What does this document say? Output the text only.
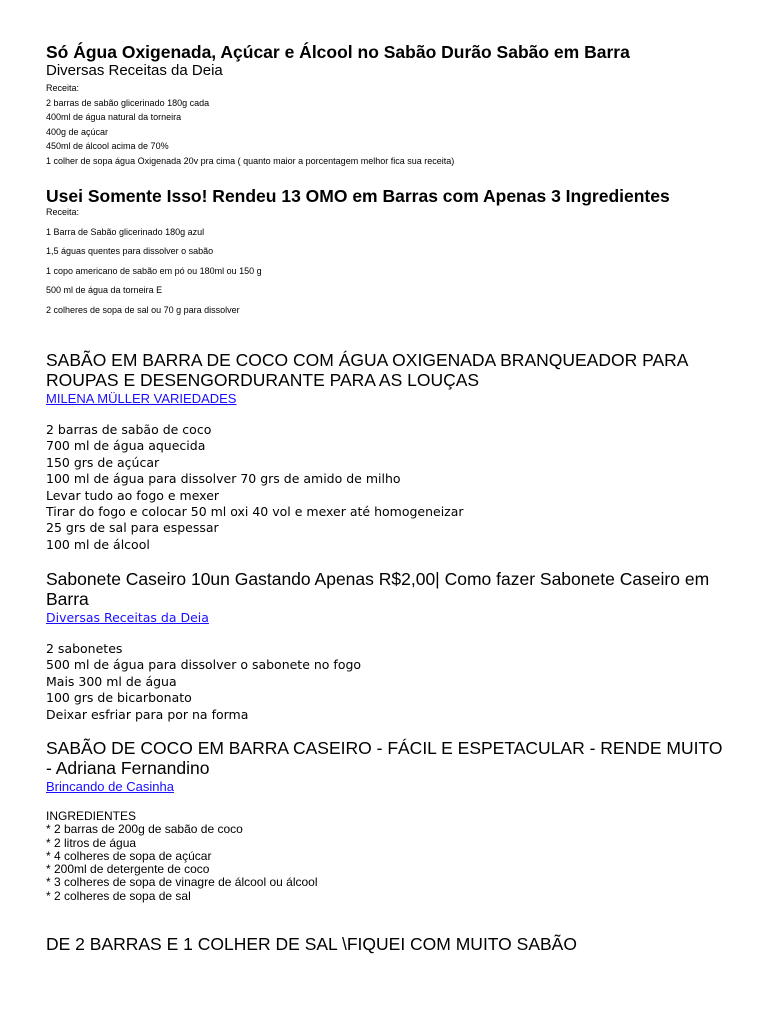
Só Água Oxigenada, Açúcar e Álcool no Sabão Durão Sabão em Barra

Diversas Receitas da Deia

Receita:

2 barras de sabão glicerinado 180g cada

400ml de água natural da torneira

400g de açúcar

450ml de álcool acima de 70%

1 colher de sopa água Oxigenada 20v pra cima ( quanto maior a porcentagem melhor fica sua receita)

Usei Somente Isso! Rendeu 13 OMO em Barras com Apenas 3 Ingredientes

Receita:

1 Barra de Sabão glicerinado 180g azul

1,5 águas quentes para dissolver o sabão

1 copo americano de sabão em pó ou 180ml ou 150 g

500 ml de água da torneira E

2 colheres de sopa de sal ou 70 g para dissolver

SABÃO EM BARRA DE COCO COM ÁGUA OXIGENADA BRANQUEADOR PARA ROUPAS E DESENGORDURANTE PARA AS LOUÇAS

MILENA MÜLLER VARIEDADES

2 barras de sabão de coco

700 ml de água aquecida

150 grs de açúcar

100 ml de água para dissolver 70 grs de amido de milho

Levar tudo ao fogo e mexer

Tirar do fogo e colocar 50 ml oxi 40 vol e mexer até homogeneizar

25 grs de sal para espessar

100 ml de álcool

Sabonete Caseiro 10un Gastando Apenas R$2,00| Como fazer Sabonete Caseiro em Barra

Diversas Receitas da Deia

2 sabonetes

500 ml de água para dissolver o sabonete no fogo

Mais 300 ml de água

100 grs de bicarbonato

Deixar esfriar para por na forma

SABÃO DE COCO EM BARRA CASEIRO - FÁCIL E ESPETACULAR - RENDE MUITO - Adriana Fernandino

Brincando de Casinha

INGREDIENTES

* 2 barras de 200g de sabão de coco

* 2 litros de água

* 4 colheres de sopa de açúcar

* 200ml de detergente de coco

* 3 colheres de sopa de vinagre de álcool ou álcool

* 2 colheres de sopa de sal

DE 2 BARRAS E 1 COLHER DE SAL \FIQUEI COM MUITO SABÃO
